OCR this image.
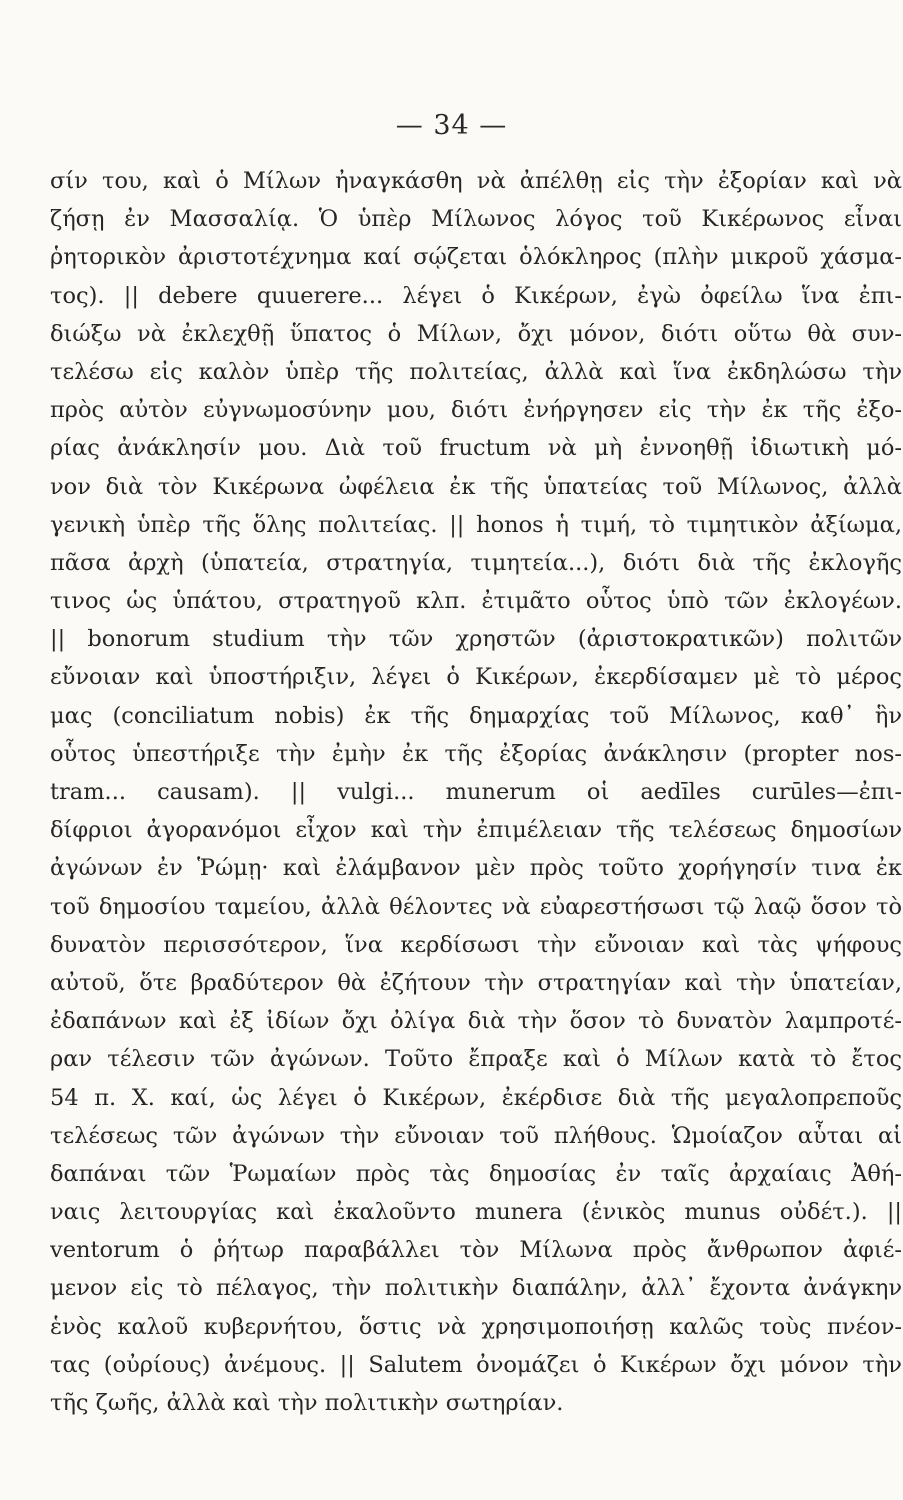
— 34 —
σίν του, καὶ ὁ Μίλων ἠναγκάσθη νὰ ἀπέλθῃ εἰς τὴν ἐξορίαν καὶ νὰ
ζήσῃ ἐν Μασσαλίᾳ. Ὁ ὑπὲρ Μίλωνος λόγος τοῦ Κικέρωνος εἶναι
ῥητορικὸν ἀριστοτέχνημα καί σῴζεται ὁλόκληρος (πλὴν μικροῦ χάσμα-
τος). || debere quuerere... λέγει ὁ Κικέρων, ἐγὼ ὀφείλω ἵνα ἐπι-
διώξω νὰ ἐκλεχθῇ ὕπατος ὁ Μίλων, ὄχι μόνον, διότι οὕτω θὰ συν-
τελέσω εἰς καλὸν ὑπὲρ τῆς πολιτείας, ἀλλὰ καὶ ἵνα ἐκδηλώσω τὴν
πρὸς αὐτὸν εὐγνωμοσύνην μου, διότι ἐνήργησεν εἰς τὴν ἐκ τῆς ἐξο-
ρίας ἀνάκλησίν μου. Διὰ τοῦ fructum νὰ μὴ ἐννοηθῇ ἰδιωτικὴ μό-
νον διὰ τὸν Κικέρωνα ὠφέλεια ἐκ τῆς ὑπατείας τοῦ Μίλωνος, ἀλλὰ
γενικὴ ὑπὲρ τῆς ὅλης πολιτείας. || honos ἡ τιμή, τὸ τιμητικὸν ἀξίωμα,
πᾶσα ἀρχὴ (ὑπατεία, στρατηγία, τιμητεία...), διότι διὰ τῆς ἐκλογῆς
τινος ὡς ὑπάτου, στρατηγοῦ κλπ. ἐτιμᾶτο οὗτος ὑπὸ τῶν ἐκλογέων.
|| bonorum studium τὴν τῶν χρηστῶν (ἀριστοκρατικῶν) πολιτῶν
εὔνοιαν καὶ ὑποστήριξιν, λέγει ὁ Κικέρων, ἐκερδίσαμεν μὲ τὸ μέρος
μας (conciliatum nobis) ἐκ τῆς δημαρχίας τοῦ Μίλωνος, καθ᾽ ἣν
οὗτος ὑπεστήριξε τὴν ἐμὴν ἐκ τῆς ἐξορίας ἀνάκλησιν (propter nos-
tram... causam). || vulgi... munerum οἱ aedīles curūles—ἐπι-
δίφριοι ἀγορανόμοι εἶχον καὶ τὴν ἐπιμέλειαν τῆς τελέσεως δημοσίων
ἀγώνων ἐν Ῥώμῃ· καὶ ἐλάμβανον μὲν πρὸς τοῦτο χορήγησίν τινα ἐκ
τοῦ δημοσίου ταμείου, ἀλλὰ θέλοντες νὰ εὐαρεστήσωσι τῷ λαῷ ὅσον τὸ
δυνατὸν περισσότερον, ἵνα κερδίσωσι τὴν εὔνοιαν καὶ τὰς ψήφους
αὐτοῦ, ὅτε βραδύτερον θὰ ἐζήτουν τὴν στρατηγίαν καὶ τὴν ὑπατείαν,
ἐδαπάνων καὶ ἐξ ἰδίων ὄχι ὀλίγα διὰ τὴν ὅσον τὸ δυνατὸν λαμπροτέ-
ραν τέλεσιν τῶν ἀγώνων. Τοῦτο ἔπραξε καὶ ὁ Μίλων κατὰ τὸ ἔτος
54 π. Χ. καί, ὡς λέγει ὁ Κικέρων, ἐκέρδισε διὰ τῆς μεγαλοπρεποῦς
τελέσεως τῶν ἀγώνων τὴν εὔνοιαν τοῦ πλήθους. Ὡμοίαζον αὗται αἱ
δαπάναι τῶν Ῥωμαίων πρὸς τὰς δημοσίας ἐν ταῖς ἀρχαίαις Ἀθή-
ναις λειτουργίας καὶ ἐκαλοῦντο munera (ἑνικὸς munus οὐδέτ.). ||
ventorum ὁ ῥήτωρ παραβάλλει τὸν Μίλωνα πρὸς ἄνθρωπον ἀφιέ-
μενον εἰς τὸ πέλαγος, τὴν πολιτικὴν διαπάλην, ἀλλ᾽ ἔχοντα ἀνάγκην
ἑνὸς καλοῦ κυβερνήτου, ὅστις νὰ χρησιμοποιήσῃ καλῶς τοὺς πνέον-
τας (οὐρίους) ἀνέμους. || Salutem ὀνομάζει ὁ Κικέρων ὄχι μόνον τὴν
τῆς ζωῆς, ἀλλὰ καὶ τὴν πολιτικὴν σωτηρίαν.
